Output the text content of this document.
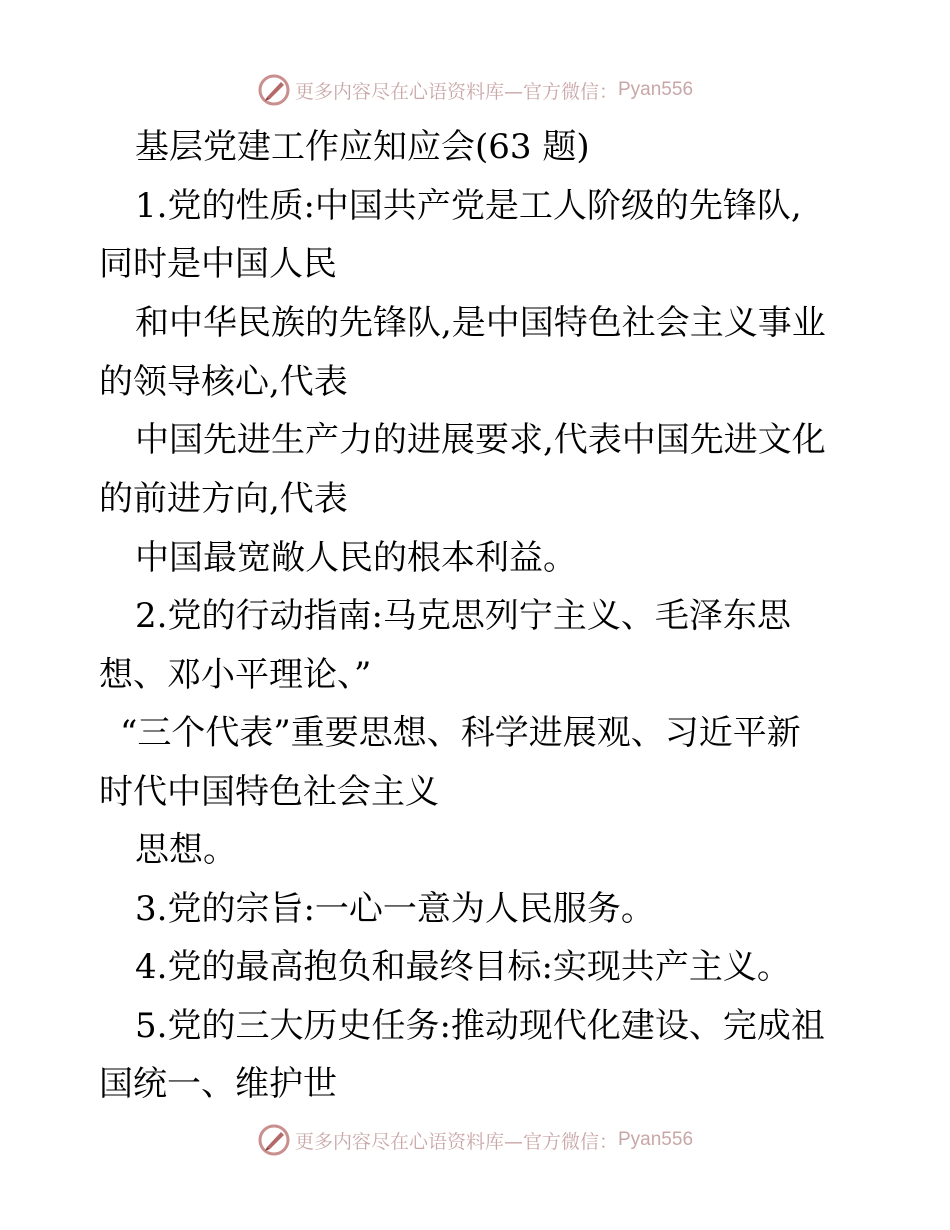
更多内容尽在心语资料库—官方微信： Pyan556
基层党建工作应知应会(63 题)
1.党的性质:中国共产党是工人阶级的先锋队,
同时是中国人民
和中华民族的先锋队,是中国特色社会主义事业
的领导核心,代表
中国先进生产力的进展要求,代表中国先进文化
的前进方向,代表
中国最宽敞人民的根本利益。
2.党的行动指南:马克思列宁主义、毛泽东思
想、邓小平理论、”
“三个代表”重要思想、科学进展观、习近平新
时代中国特色社会主义
思想。
3.党的宗旨:一心一意为人民服务。
4.党的最高抱负和最终目标:实现共产主义。
5.党的三大历史任务:推动现代化建设、完成祖
国统一、维护世
更多内容尽在心语资料库—官方微信： Pyan556
